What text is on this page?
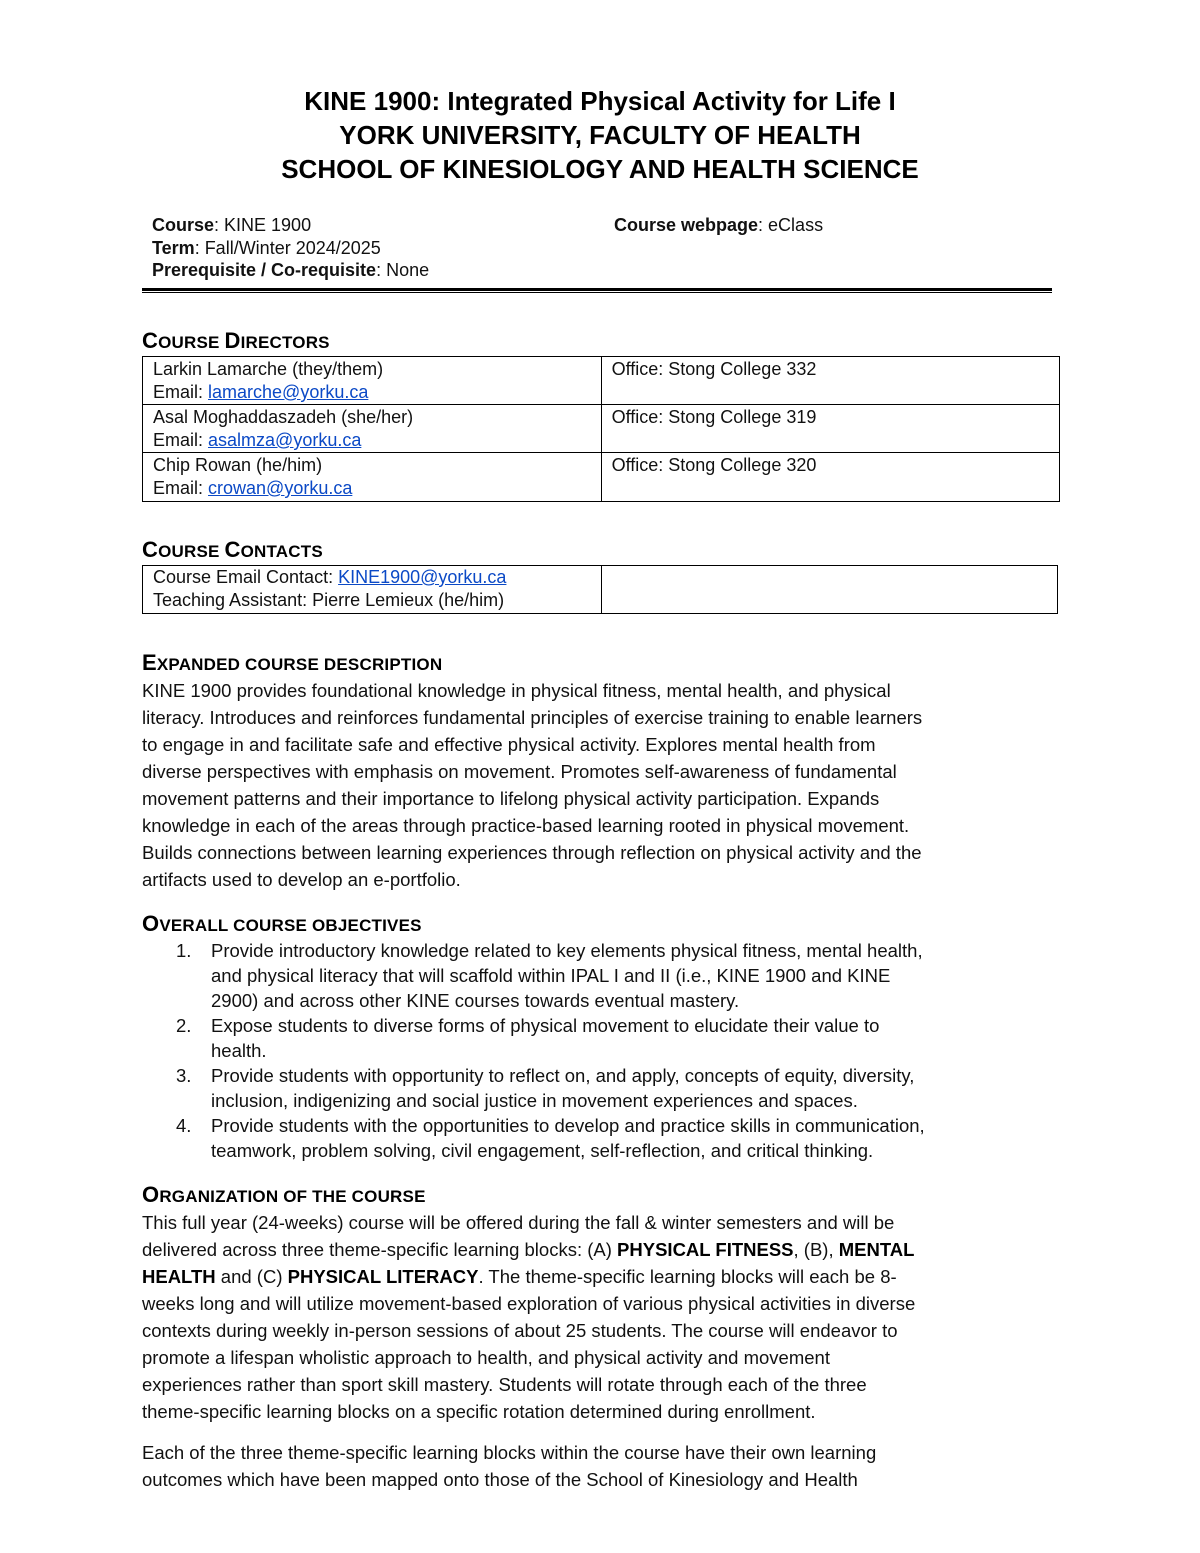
KINE 1900: Integrated Physical Activity for Life I
YORK UNIVERSITY, FACULTY OF HEALTH
SCHOOL OF KINESIOLOGY AND HEALTH SCIENCE
Course: KINE 1900
Term: Fall/Winter 2024/2025
Prerequisite / Co-requisite: None
Course webpage: eClass
COURSE DIRECTORS
Larkin Lamarche (they/them)
Email: lamarche@yorku.ca	Office: Stong College 332

Asal Moghaddaszadeh (she/her)
Email: asalmza@yorku.ca	Office: Stong College 319

Chip Rowan (he/him)
Email: crowan@yorku.ca	Office: Stong College 320
COURSE CONTACTS
Course Email Contact: KINE1900@yorku.ca
Teaching Assistant: Pierre Lemieux (he/him)

EXPANDED COURSE DESCRIPTION
KINE 1900 provides foundational knowledge in physical fitness, mental health, and physical
literacy. Introduces and reinforces fundamental principles of exercise training to enable learners
to engage in and facilitate safe and effective physical activity. Explores mental health from
diverse perspectives with emphasis on movement. Promotes self-awareness of fundamental
movement patterns and their importance to lifelong physical activity participation. Expands
knowledge in each of the areas through practice-based learning rooted in physical movement.
Builds connections between learning experiences through reflection on physical activity and the
artifacts used to develop an e-portfolio.
OVERALL COURSE OBJECTIVES
1. Provide introductory knowledge related to key elements physical fitness, mental health,
and physical literacy that will scaffold within IPAL I and II (i.e., KINE 1900 and KINE
2900) and across other KINE courses towards eventual mastery.
2. Expose students to diverse forms of physical movement to elucidate their value to
health.
3. Provide students with opportunity to reflect on, and apply, concepts of equity, diversity,
inclusion, indigenizing and social justice in movement experiences and spaces.
4. Provide students with the opportunities to develop and practice skills in communication,
teamwork, problem solving, civil engagement, self-reflection, and critical thinking.
ORGANIZATION OF THE COURSE
This full year (24-weeks) course will be offered during the fall & winter semesters and will be
delivered across three theme-specific learning blocks: (A) PHYSICAL FITNESS, (B), MENTAL
HEALTH and (C) PHYSICAL LITERACY. The theme-specific learning blocks will each be 8-
weeks long and will utilize movement-based exploration of various physical activities in diverse
contexts during weekly in-person sessions of about 25 students. The course will endeavor to
promote a lifespan wholistic approach to health, and physical activity and movement
experiences rather than sport skill mastery. Students will rotate through each of the three
theme-specific learning blocks on a specific rotation determined during enrollment.
Each of the three theme-specific learning blocks within the course have their own learning
outcomes which have been mapped onto those of the School of Kinesiology and Health
